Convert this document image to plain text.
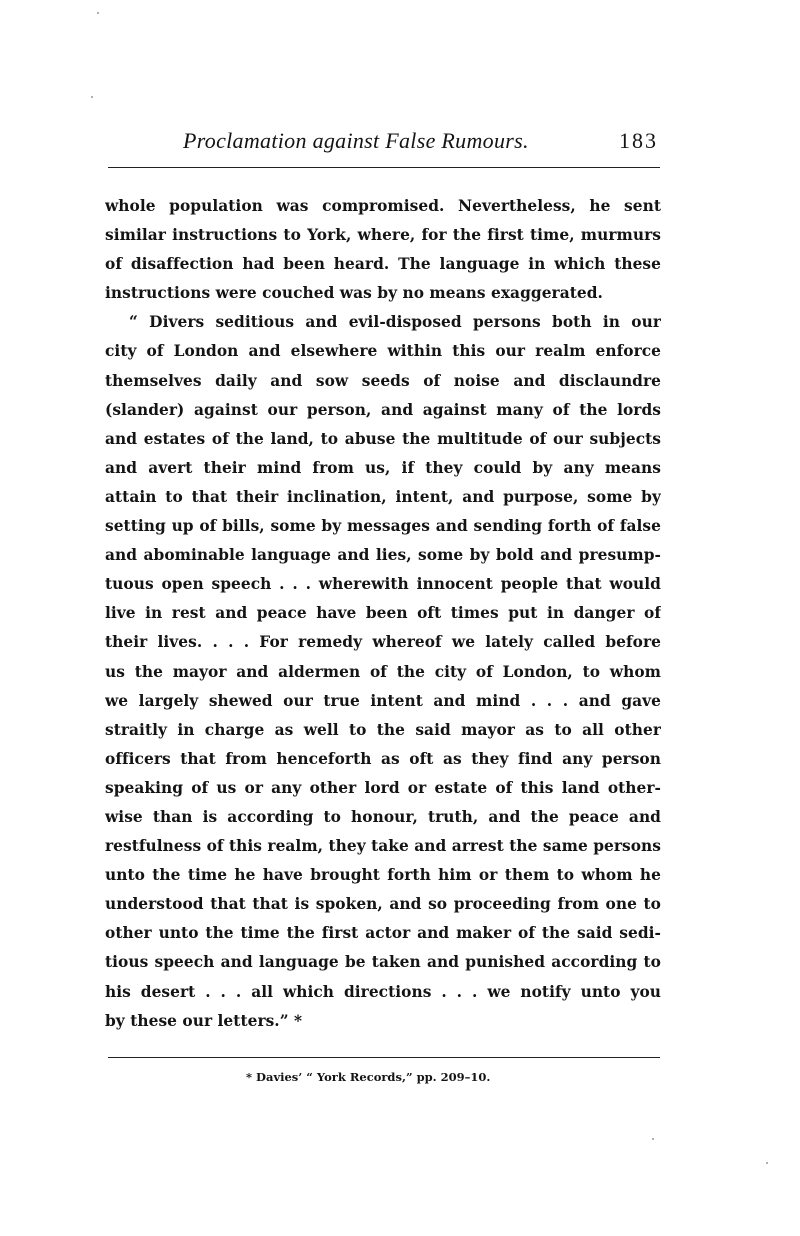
Proclamation against False Rumours.	183
whole population was compromised. Nevertheless, he sent
similar instructions to York, where, for the first time, murmurs
of disaffection had been heard. The language in which these
instructions were couched was by no means exaggerated.
“ Divers seditious and evil-disposed persons both in our
city of London and elsewhere within this our realm enforce
themselves daily and sow seeds of noise and disclaundre
(slander) against our person, and against many of the lords
and estates of the land, to abuse the multitude of our subjects
and avert their mind from us, if they could by any means
attain to that their inclination, intent, and purpose, some by
setting up of bills, some by messages and sending forth of false
and abominable language and lies, some by bold and presump-
tuous open speech . . . wherewith innocent people that would
live in rest and peace have been oft times put in danger of
their lives. . . . For remedy whereof we lately called before
us the mayor and aldermen of the city of London, to whom
we largely shewed our true intent and mind . . . and gave
straitly in charge as well to the said mayor as to all other
officers that from henceforth as oft as they find any person
speaking of us or any other lord or estate of this land other-
wise than is according to honour, truth, and the peace and
restfulness of this realm, they take and arrest the same persons
unto the time he have brought forth him or them to whom he
understood that that is spoken, and so proceeding from one to
other unto the time the first actor and maker of the said sedi-
tious speech and language be taken and punished according to
his desert . . . all which directions . . . we notify unto you
by these our letters.” *
* Davies’ “ York Records,” pp. 209–10.
